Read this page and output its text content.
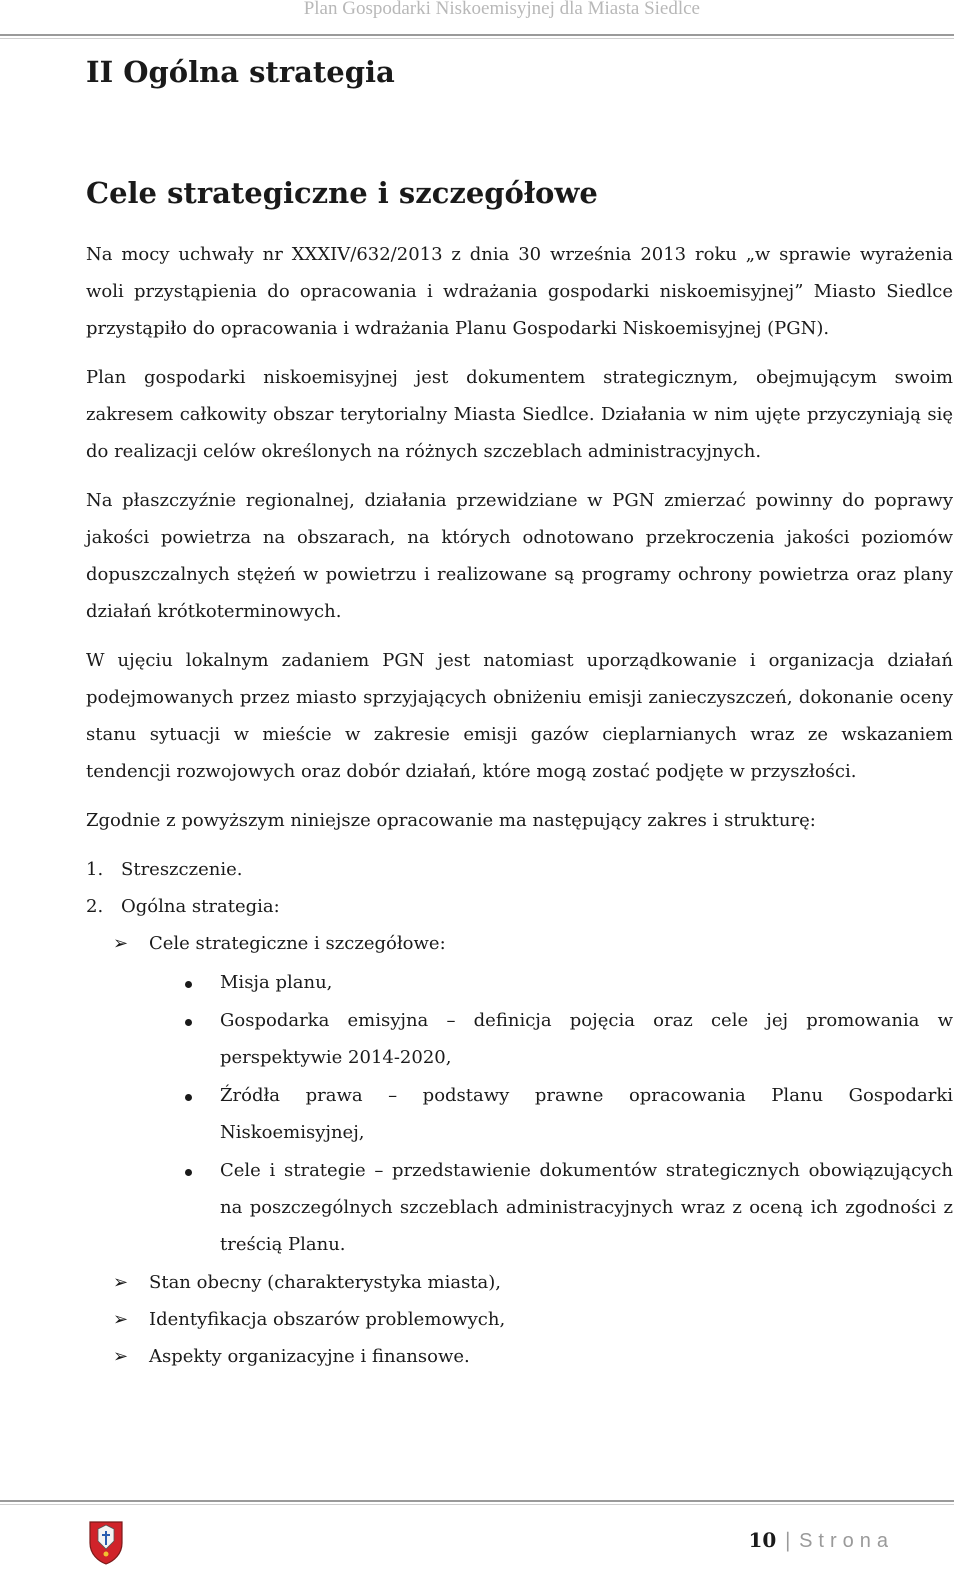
Plan Gospodarki Niskoemisyjnej dla Miasta Siedlce
II Ogólna strategia
Cele strategiczne i szczegółowe

Na mocy uchwały nr XXXIV/632/2013 z dnia 30 września 2013 roku „w sprawie wyrażenia woli przystąpienia do opracowania i wdrażania gospodarki niskoemisyjnej” Miasto Siedlce przystąpiło do opracowania i wdrażania Planu Gospodarki Niskoemisyjnej (PGN).

Plan gospodarki niskoemisyjnej jest dokumentem strategicznym, obejmującym swoim zakresem całkowity obszar terytorialny Miasta Siedlce. Działania w nim ujęte przyczyniają się do realizacji celów określonych na różnych szczeblach administracyjnych.

Na płaszczyźnie regionalnej, działania przewidziane w PGN zmierzać powinny do poprawy jakości powietrza na obszarach, na których odnotowano przekroczenia jakości poziomów dopuszczalnych stężeń w powietrzu i realizowane są programy ochrony powietrza oraz plany działań krótkoterminowych.

W ujęciu lokalnym zadaniem PGN jest natomiast uporządkowanie i organizacja działań podejmowanych przez miasto sprzyjających obniżeniu emisji zanieczyszczeń, dokonanie oceny stanu sytuacji w mieście w zakresie emisji gazów cieplarnianych wraz ze wskazaniem tendencji rozwojowych oraz dobór działań, które mogą zostać podjęte w przyszłości.

Zgodnie z powyższym niniejsze opracowanie ma następujący zakres i strukturę:

1. Streszczenie.
2. Ogólna strategia:
➢	Cele strategiczne i szczegółowe:
Misja planu,
Gospodarka emisyjna – definicja pojęcia oraz cele jej promowania w perspektywie 2014-2020,
Źródła prawa – podstawy prawne opracowania Planu Gospodarki Niskoemisyjnej,
Cele i strategie – przedstawienie dokumentów strategicznych obowiązujących na poszczególnych szczeblach administracyjnych wraz z oceną ich zgodności z treścią Planu.
➢	Stan obecny (charakterystyka miasta),
➢	Identyfikacja obszarów problemowych,
➢	Aspekty organizacyjne i finansowe.
10 | Strona
